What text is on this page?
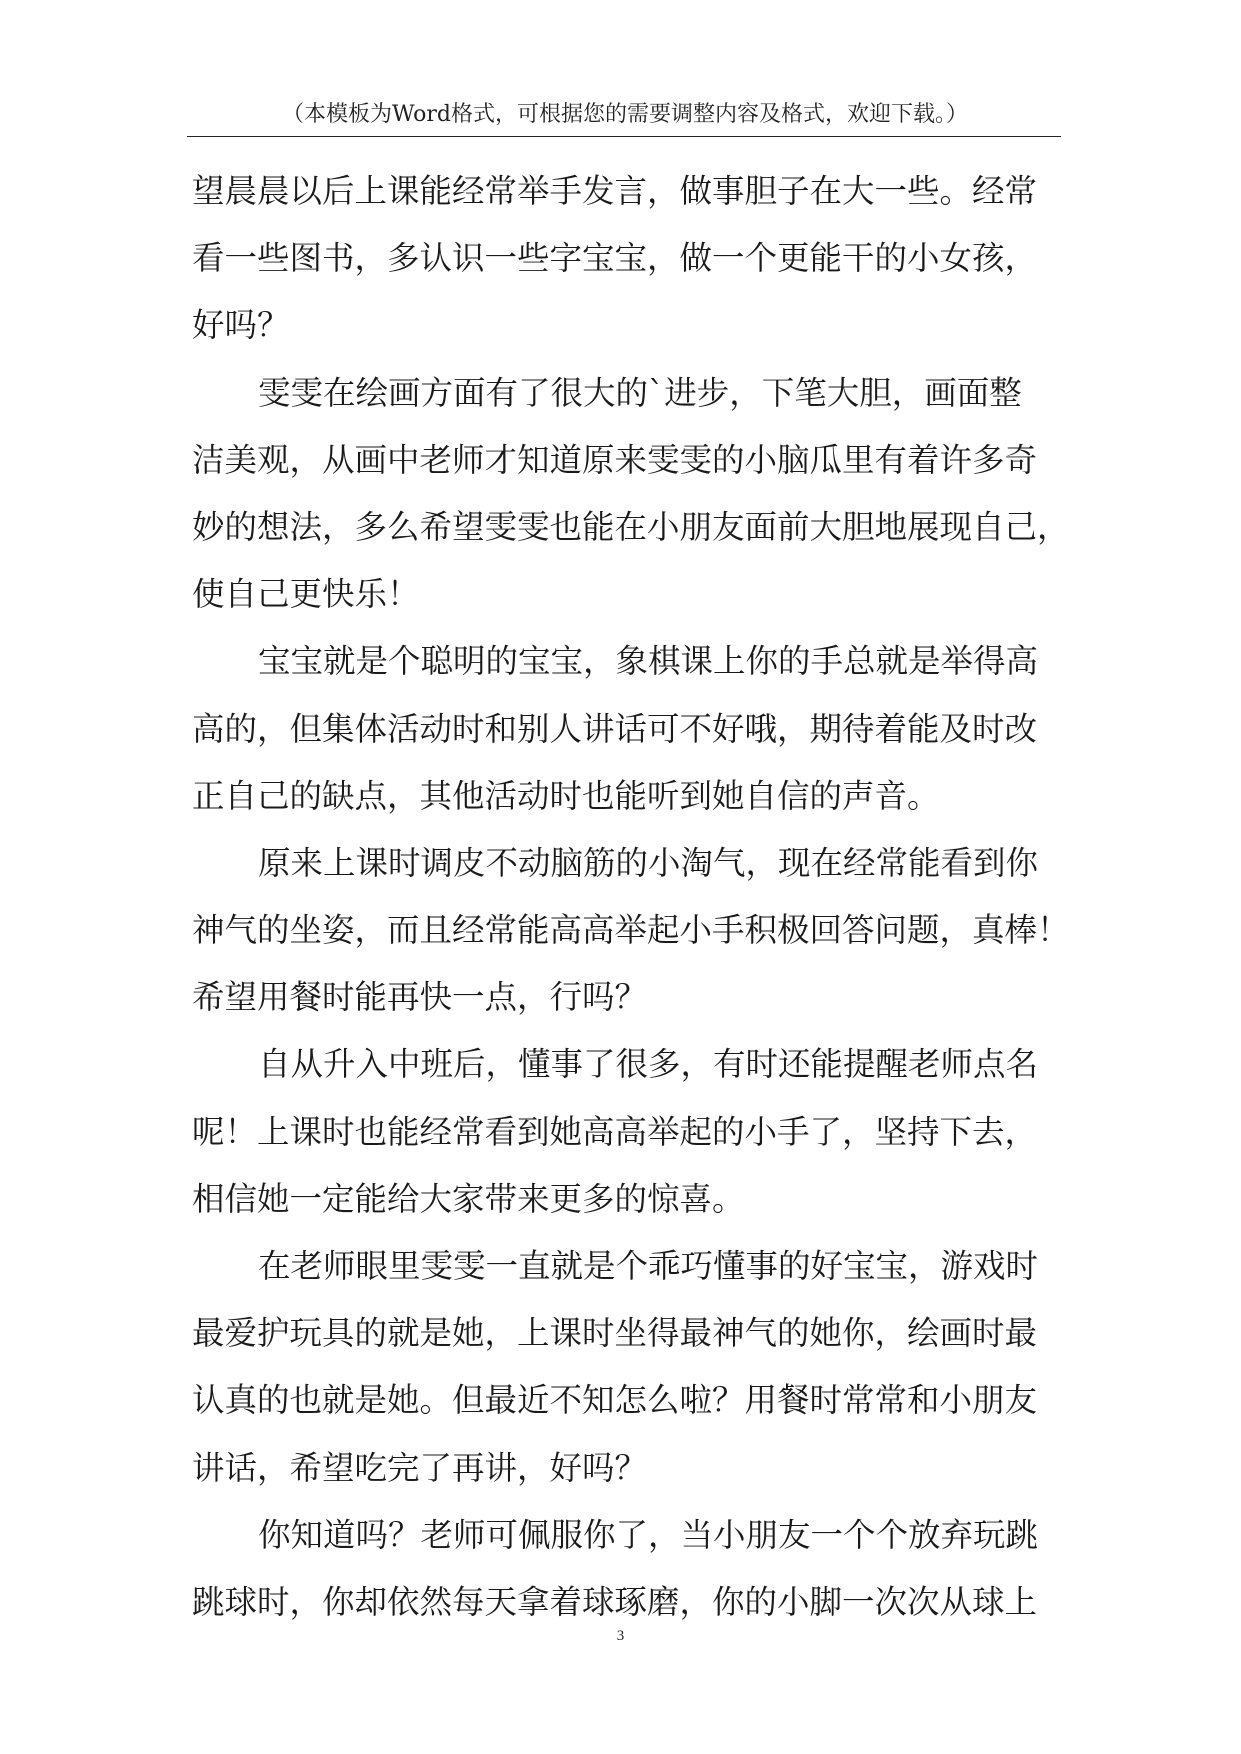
（本模板为Word格式，可根据您的需要调整内容及格式，欢迎下载。）
望晨晨以后上课能经常举手发言，做事胆子在大一些。经常
看一些图书，多认识一些字宝宝，做一个更能干的小女孩，
好吗？
雯雯在绘画方面有了很大的`进步，下笔大胆，画面整
洁美观，从画中老师才知道原来雯雯的小脑瓜里有着许多奇
妙的想法，多么希望雯雯也能在小朋友面前大胆地展现自己，
使自己更快乐！
宝宝就是个聪明的宝宝，象棋课上你的手总就是举得高
高的，但集体活动时和别人讲话可不好哦，期待着能及时改
正自己的缺点，其他活动时也能听到她自信的声音。
原来上课时调皮不动脑筋的小淘气，现在经常能看到你
神气的坐姿，而且经常能高高举起小手积极回答问题，真棒！
希望用餐时能再快一点，行吗？
自从升入中班后，懂事了很多，有时还能提醒老师点名
呢！上课时也能经常看到她高高举起的小手了，坚持下去，
相信她一定能给大家带来更多的惊喜。
在老师眼里雯雯一直就是个乖巧懂事的好宝宝，游戏时
最爱护玩具的就是她，上课时坐得最神气的她你，绘画时最
认真的也就是她。但最近不知怎么啦？用餐时常常和小朋友
讲话，希望吃完了再讲，好吗？
你知道吗？老师可佩服你了，当小朋友一个个放弃玩跳
跳球时，你却依然每天拿着球琢磨，你的小脚一次次从球上
3
